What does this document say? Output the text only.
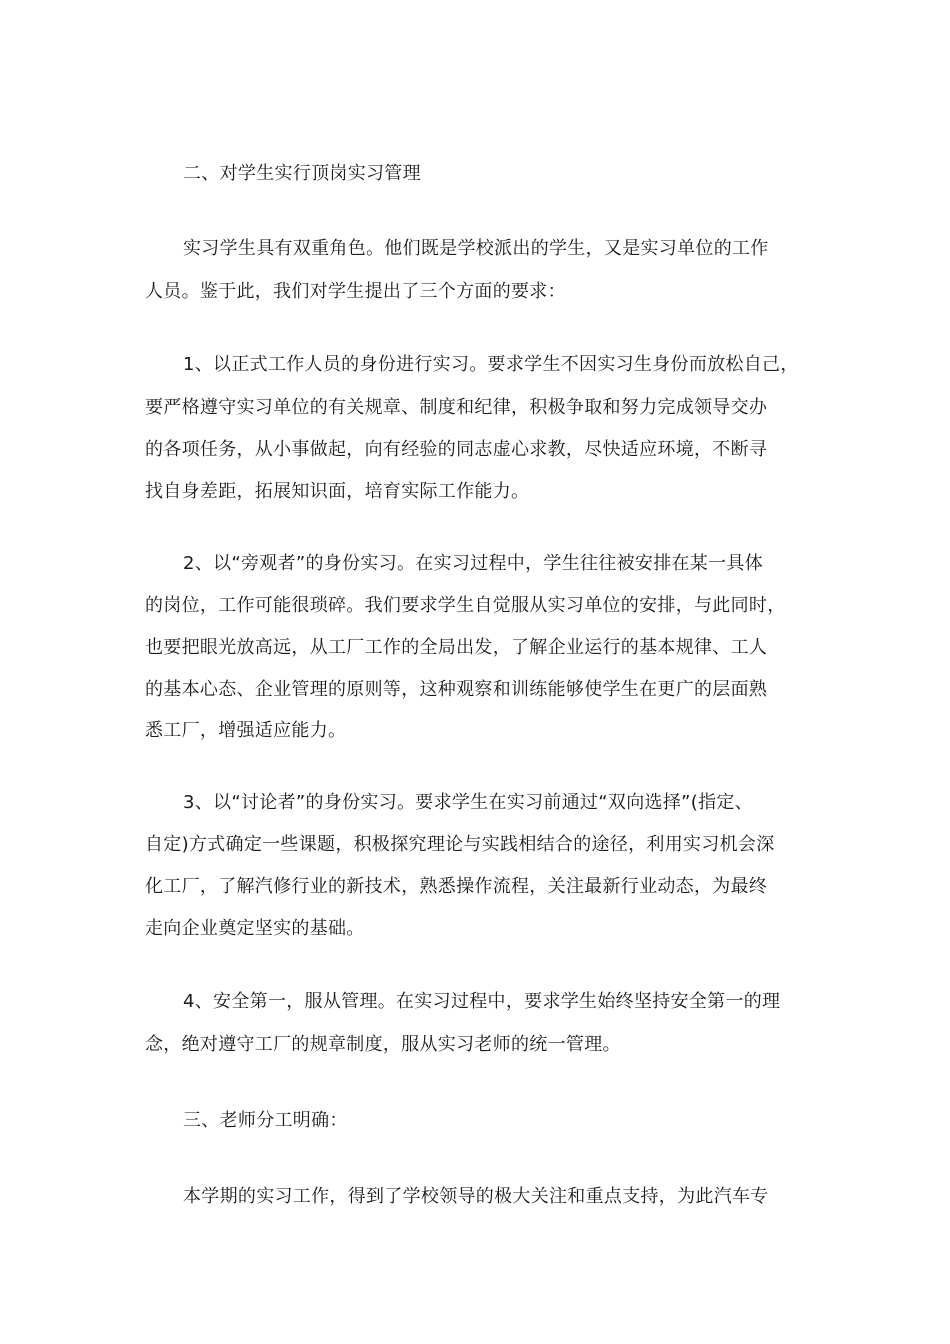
二、对学生实行顶岗实习管理
实习学生具有双重角色。他们既是学校派出的学生，又是实习单位的工作
人员。鉴于此，我们对学生提出了三个方面的要求：
1、以正式工作人员的身份进行实习。要求学生不因实习生身份而放松自己，
要严格遵守实习单位的有关规章、制度和纪律，积极争取和努力完成领导交办
的各项任务，从小事做起，向有经验的同志虚心求教，尽快适应环境，不断寻
找自身差距，拓展知识面，培育实际工作能力。
2、以“旁观者”的身份实习。在实习过程中，学生往往被安排在某一具体
的岗位，工作可能很琐碎。我们要求学生自觉服从实习单位的安排，与此同时，
也要把眼光放高远，从工厂工作的全局出发，了解企业运行的基本规律、工人
的基本心态、企业管理的原则等，这种观察和训练能够使学生在更广的层面熟
悉工厂，增强适应能力。
3、以“讨论者”的身份实习。要求学生在实习前通过“双向选择”(指定、
自定)方式确定一些课题，积极探究理论与实践相结合的途径，利用实习机会深
化工厂，了解汽修行业的新技术，熟悉操作流程，关注最新行业动态，为最终
走向企业奠定坚实的基础。
4、安全第一，服从管理。在实习过程中，要求学生始终坚持安全第一的理
念，绝对遵守工厂的规章制度，服从实习老师的统一管理。
三、老师分工明确：
本学期的实习工作，得到了学校领导的极大关注和重点支持，为此汽车专
